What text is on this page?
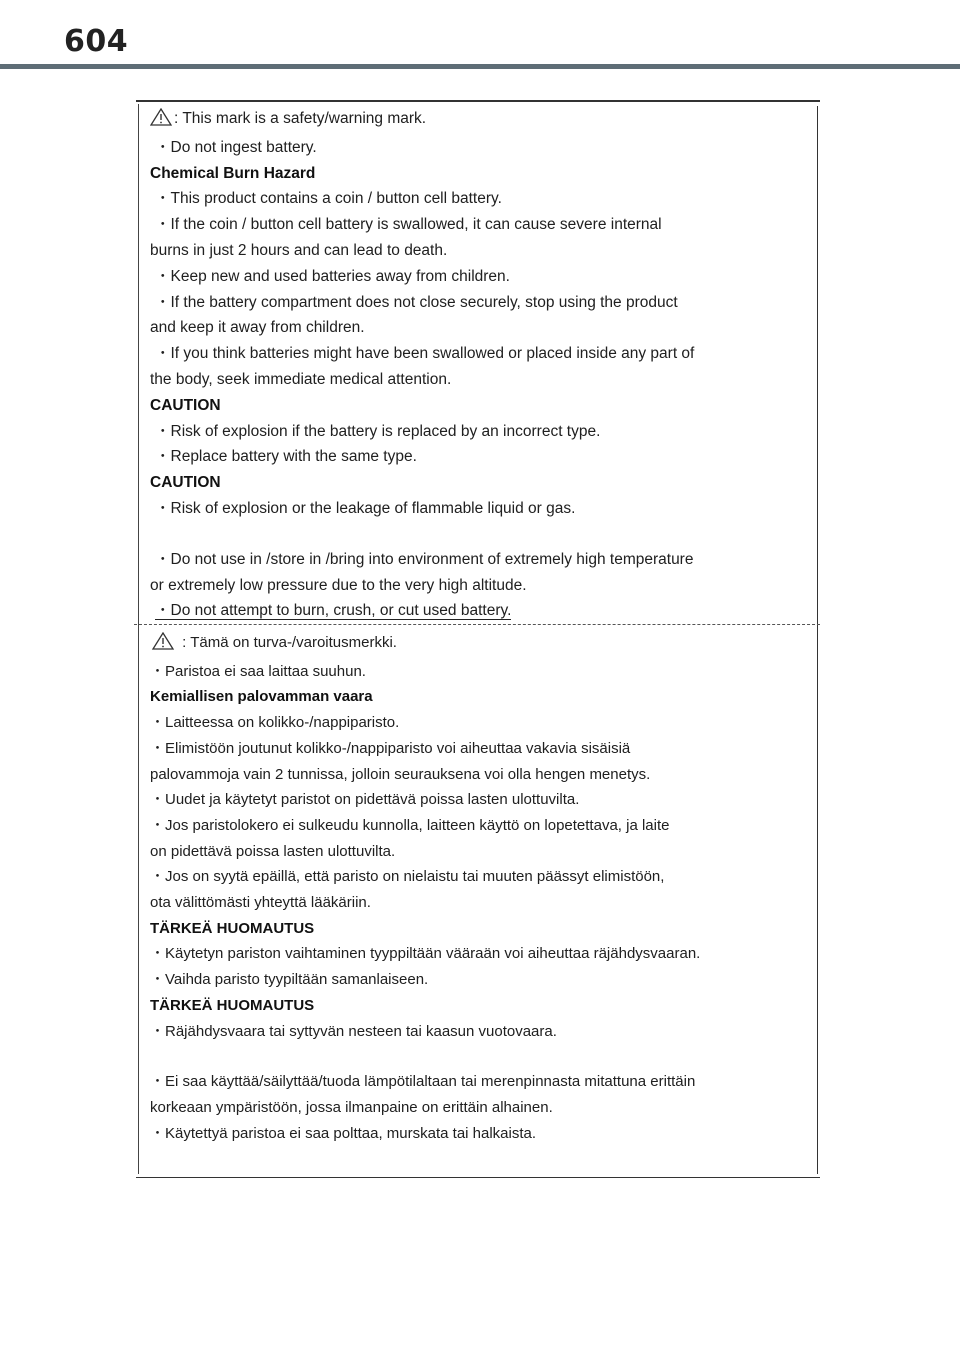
604
: This mark is a safety/warning mark.
・Do not ingest battery.
Chemical Burn Hazard
・This product contains a coin / button cell battery.
・If the coin / button cell battery is swallowed, it can cause severe internal
burns in just 2 hours and can lead to death.
・Keep new and used batteries away from children.
・If the battery compartment does not close securely, stop using the product
and keep it away from children.
・If you think batteries might have been swallowed or placed inside any part of
the body, seek immediate medical attention.
CAUTION
・Risk of explosion if the battery is replaced by an incorrect type.
・Replace battery with the same type.
CAUTION
・Risk of explosion or the leakage of flammable liquid or gas.
・Do not use in /store in /bring into environment of extremely high temperature
or extremely low pressure due to the very high altitude.
・Do not attempt to burn, crush, or cut used battery.
: Tämä on turva-/varoitusmerkki.
・Paristoa ei saa laittaa suuhun.
Kemiallisen palovamman vaara
・Laitteessa on kolikko-/nappiparisto.
・Elimistöön joutunut kolikko-/nappiparisto voi aiheuttaa vakavia sisäisiä
palovammoja vain 2 tunnissa, jolloin seurauksena voi olla hengen menetys.
・Uudet ja käytetyt paristot on pidettävä poissa lasten ulottuvilta.
・Jos paristolokero ei sulkeudu kunnolla, laitteen käyttö on lopetettava, ja laite
on pidettävä poissa lasten ulottuvilta.
・Jos on syytä epäillä, että paristo on nielaistu tai muuten päässyt elimistöön,
ota välittömästi yhteyttä lääkäriin.
TÄRKEÄ HUOMAUTUS
・Käytetyn pariston vaihtaminen tyyppiltään vääraän voi aiheuttaa räjähdysvaaran.
・Vaihda paristo tyypiltään samanlaiseen.
TÄRKEÄ HUOMAUTUS
・Räjähdysvaara tai syttyvän nesteen tai kaasun vuotovaara.
・Ei saa käyttää/säilyttää/tuoda lämpötilaltaan tai merenpinnasta mitattuna erittäin
korkeaan ympäristöön, jossa ilmanpaine on erittäin alhainen.
・Käytettyä paristoa ei saa polttaa, murskata tai halkaista.
